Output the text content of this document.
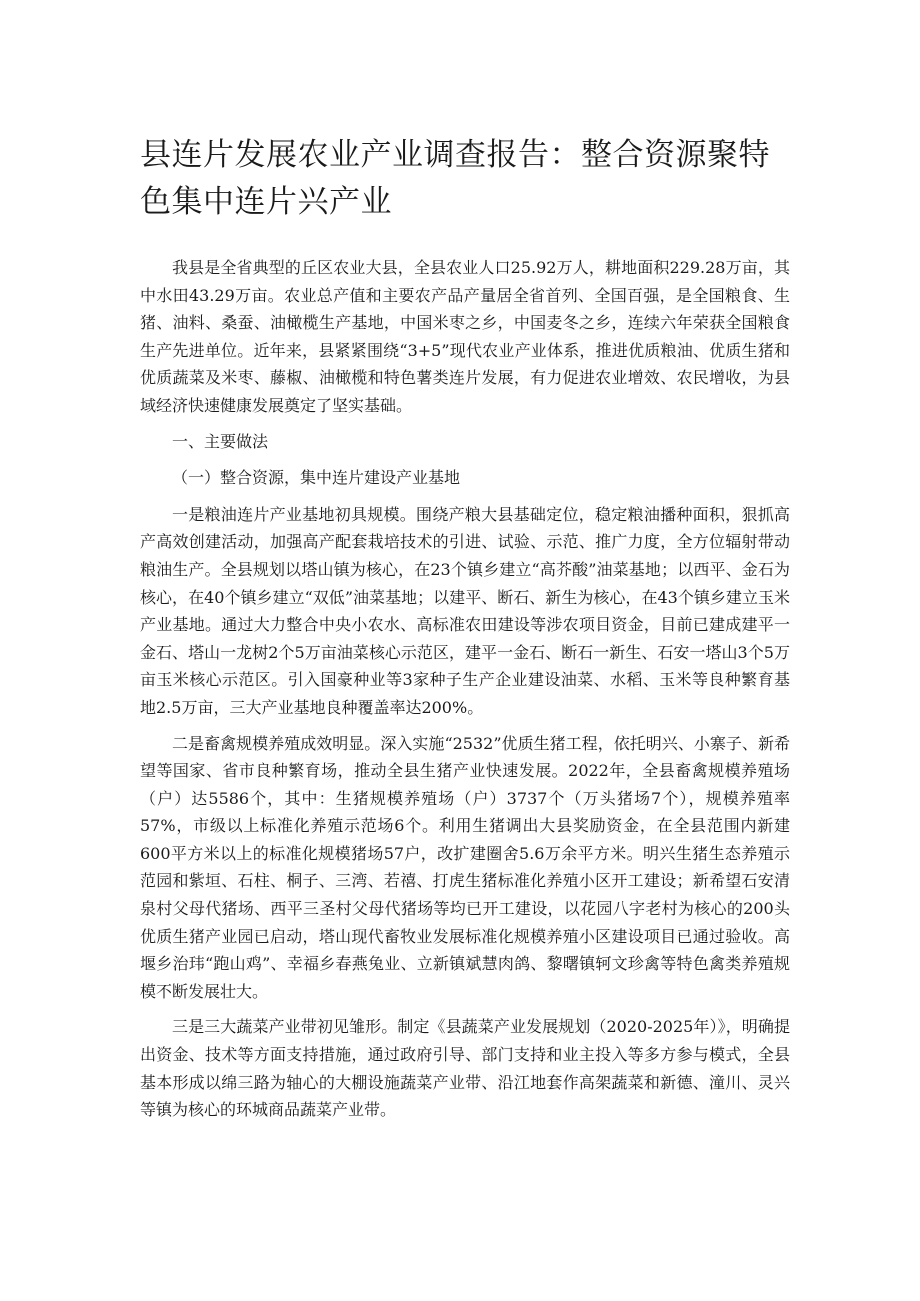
县连片发展农业产业调查报告：整合资源聚特色集中连片兴产业

我县是全省典型的丘区农业大县，全县农业人口25.92万人，耕地面积229.28万亩，其中水田43.29万亩。农业总产值和主要农产品产量居全省首列、全国百强，是全国粮食、生猪、油料、桑蚕、油橄榄生产基地，中国米枣之乡，中国麦冬之乡，连续六年荣获全国粮食生产先进单位。近年来，县紧紧围绕“3+5”现代农业产业体系，推进优质粮油、优质生猪和优质蔬菜及米枣、藤椒、油橄榄和特色薯类连片发展，有力促进农业增效、农民增收，为县域经济快速健康发展奠定了坚实基础。

一、主要做法

（一）整合资源，集中连片建设产业基地

一是粮油连片产业基地初具规模。围绕产粮大县基础定位，稳定粮油播种面积，狠抓高产高效创建活动，加强高产配套栽培技术的引进、试验、示范、推广力度，全方位辐射带动粮油生产。全县规划以塔山镇为核心，在23个镇乡建立“高芥酸”油菜基地；以西平、金石为核心，在40个镇乡建立“双低”油菜基地；以建平、断石、新生为核心，在43个镇乡建立玉米产业基地。通过大力整合中央小农水、高标准农田建设等涉农项目资金，目前已建成建平一金石、塔山一龙树2个5万亩油菜核心示范区，建平一金石、断石一新生、石安一塔山3个5万亩玉米核心示范区。引入国豪种业等3家种子生产企业建设油菜、水稻、玉米等良种繁育基地2.5万亩，三大产业基地良种覆盖率达200%。

二是畜禽规模养殖成效明显。深入实施“2532”优质生猪工程，依托明兴、小寨子、新希望等国家、省市良种繁育场，推动全县生猪产业快速发展。2022年，全县畜禽规模养殖场（户）达5586个，其中：生猪规模养殖场（户）3737个（万头猪场7个），规模养殖率57%，市级以上标准化养殖示范场6个。利用生猪调出大县奖励资金，在全县范围内新建600平方米以上的标准化规模猪场57户，改扩建圈舍5.6万余平方米。明兴生猪生态养殖示范园和紫垣、石柱、桐子、三湾、若禧、打虎生猪标准化养殖小区开工建设；新希望石安清泉村父母代猪场、西平三圣村父母代猪场等均已开工建设，以花园八字老村为核心的200头优质生猪产业园已启动，塔山现代畜牧业发展标准化规模养殖小区建设项目已通过验收。高堰乡治玮“跑山鸡”、幸福乡春燕兔业、立新镇斌慧肉鸽、黎曙镇轲文珍禽等特色禽类养殖规模不断发展壮大。

三是三大蔬菜产业带初见雏形。制定《县蔬菜产业发展规划（2020-2025年）》，明确提出资金、技术等方面支持措施，通过政府引导、部门支持和业主投入等多方参与模式，全县基本形成以绵三路为轴心的大棚设施蔬菜产业带、沿江地套作高架蔬菜和新德、潼川、灵兴等镇为核心的环城商品蔬菜产业带。
